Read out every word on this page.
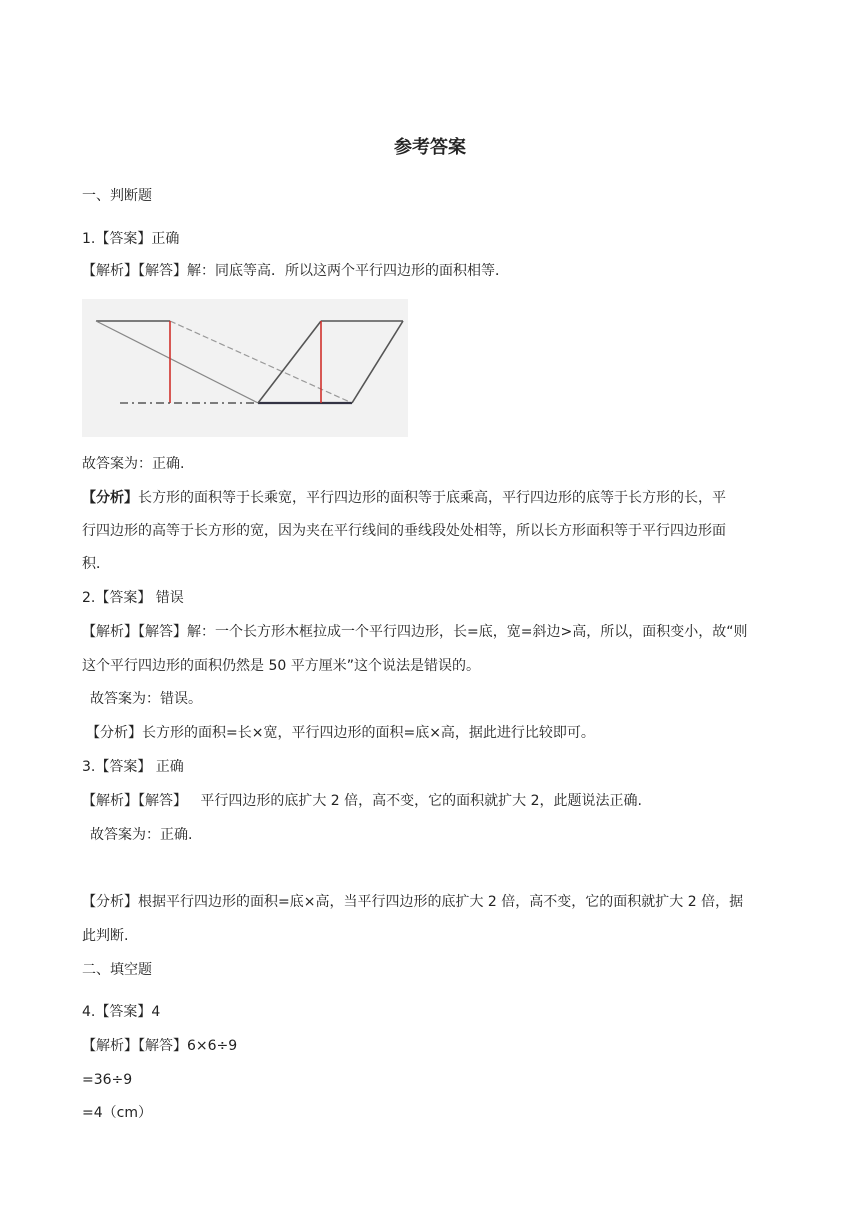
参考答案
一、判断题
1.【答案】正确
【解析】【解答】解：同底等高．所以这两个平行四边形的面积相等．
故答案为：正确.
【分析】长方形的面积等于长乘宽，平行四边形的面积等于底乘高，平行四边形的底等于长方形的长，平
行四边形的高等于长方形的宽，因为夹在平行线间的垂线段处处相等，所以长方形面积等于平行四边形面
积．
2.【答案】 错误
【解析】【解答】解：一个长方形木框拉成一个平行四边形，长=底，宽=斜边>高，所以，面积变小，故“则
这个平行四边形的面积仍然是 50 平方厘米”这个说法是错误的。
故答案为：错误。
【分析】长方形的面积=长×宽，平行四边形的面积=底×高，据此进行比较即可。
3.【答案】 正确
【解析】【解答】   平行四边形的底扩大 2 倍，高不变，它的面积就扩大 2，此题说法正确.
故答案为：正确.
【分析】根据平行四边形的面积=底×高，当平行四边形的底扩大 2 倍，高不变，它的面积就扩大 2 倍，据
此判断.
二、填空题
4.【答案】4
【解析】【解答】6×6÷9
=36÷9
=4（cm）
